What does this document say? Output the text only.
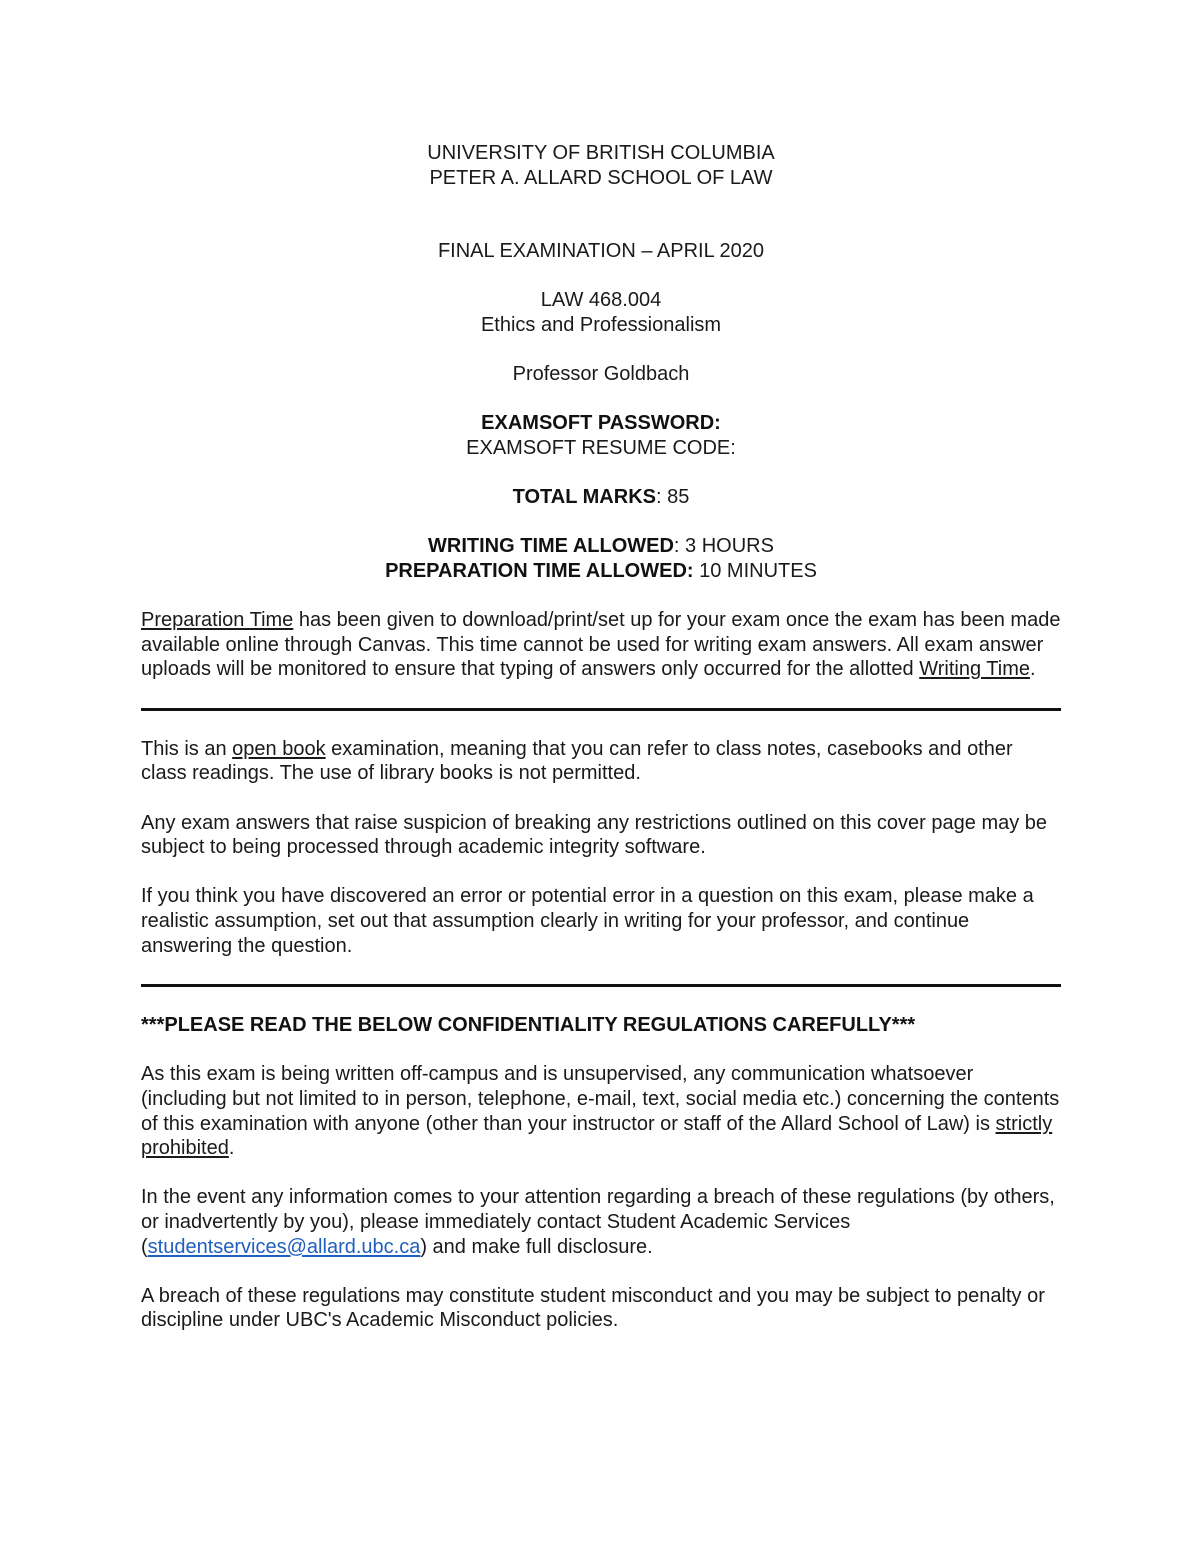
UNIVERSITY OF BRITISH COLUMBIA

PETER A. ALLARD SCHOOL OF LAW

FINAL EXAMINATION – APRIL 2020

LAW 468.004

Ethics and Professionalism

Professor Goldbach

EXAMSOFT PASSWORD:

EXAMSOFT RESUME CODE:

TOTAL MARKS: 85

WRITING TIME ALLOWED: 3 HOURS

PREPARATION TIME ALLOWED: 10 MINUTES

Preparation Time has been given to download/print/set up for your exam once the exam has been made available online through Canvas. This time cannot be used for writing exam answers. All exam answer uploads will be monitored to ensure that typing of answers only occurred for the allotted Writing Time.

This is an open book examination, meaning that you can refer to class notes, casebooks and other class readings. The use of library books is not permitted.

Any exam answers that raise suspicion of breaking any restrictions outlined on this cover page may be subject to being processed through academic integrity software.

If you think you have discovered an error or potential error in a question on this exam, please make a realistic assumption, set out that assumption clearly in writing for your professor, and continue answering the question.

***PLEASE READ THE BELOW CONFIDENTIALITY REGULATIONS CAREFULLY***

As this exam is being written off-campus and is unsupervised, any communication whatsoever (including but not limited to in person, telephone, e-mail, text, social media etc.) concerning the contents of this examination with anyone (other than your instructor or staff of the Allard School of Law) is strictly prohibited.

In the event any information comes to your attention regarding a breach of these regulations (by others, or inadvertently by you), please immediately contact Student Academic Services (studentservices@allard.ubc.ca) and make full disclosure.

A breach of these regulations may constitute student misconduct and you may be subject to penalty or discipline under UBC's Academic Misconduct policies.
